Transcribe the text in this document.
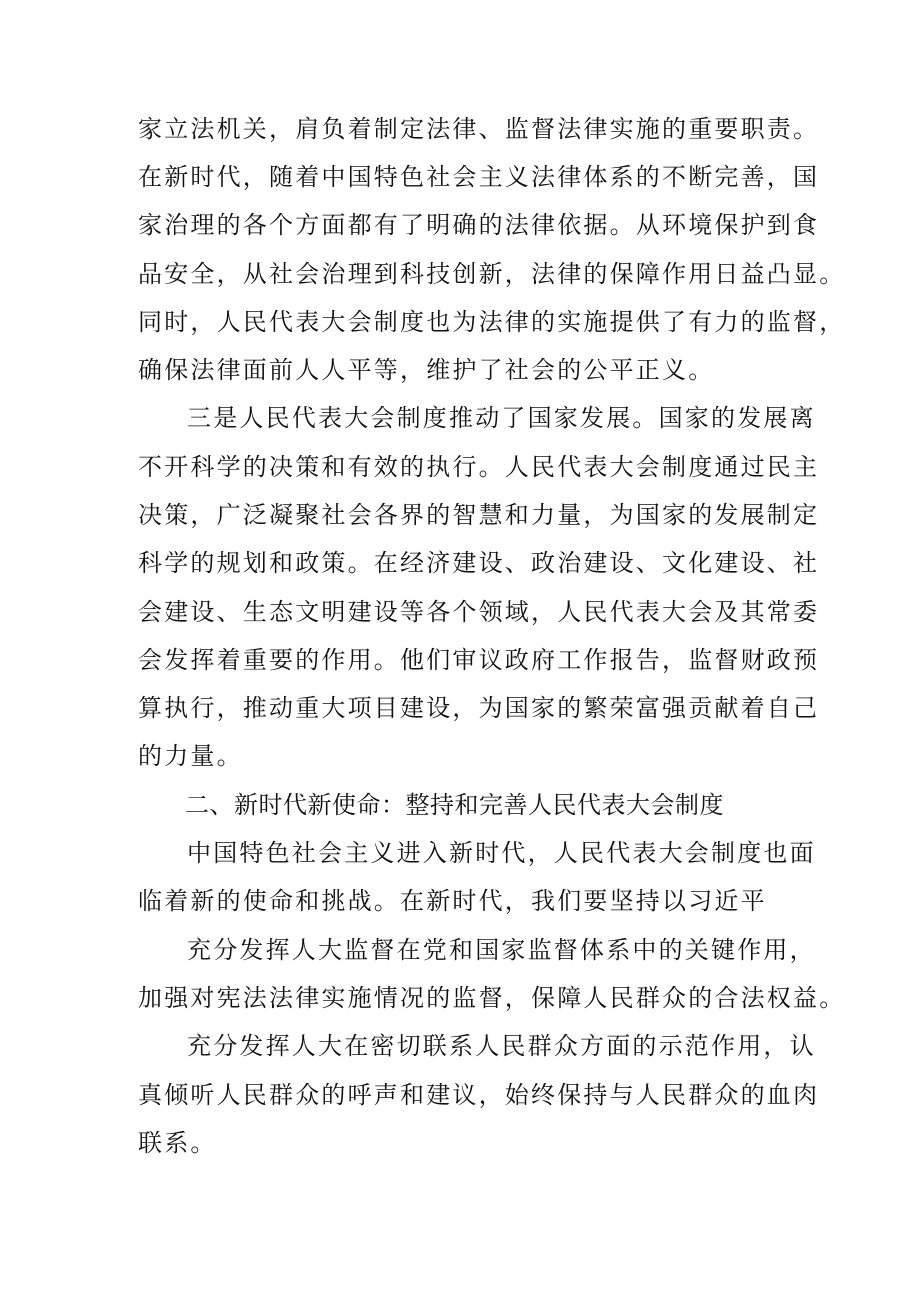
家立法机关，肩负着制定法律、监督法律实施的重要职责。
在新时代，随着中国特色社会主义法律体系的不断完善，国
家治理的各个方面都有了明确的法律依据。从环境保护到食
品安全，从社会治理到科技创新，法律的保障作用日益凸显。
同时，人民代表大会制度也为法律的实施提供了有力的监督，
确保法律面前人人平等，维护了社会的公平正义。
三是人民代表大会制度推动了国家发展。国家的发展离
不开科学的决策和有效的执行。人民代表大会制度通过民主
决策，广泛凝聚社会各界的智慧和力量，为国家的发展制定
科学的规划和政策。在经济建设、政治建设、文化建设、社
会建设、生态文明建设等各个领域，人民代表大会及其常委
会发挥着重要的作用。他们审议政府工作报告，监督财政预
算执行，推动重大项目建设，为国家的繁荣富强贡献着自己
的力量。
二、新时代新使命：整持和完善人民代表大会制度
中国特色社会主义进入新时代，人民代表大会制度也面
临着新的使命和挑战。在新时代，我们要坚持以习近平
充分发挥人大监督在党和国家监督体系中的关键作用，
加强对宪法法律实施情况的监督，保障人民群众的合法权益。
充分发挥人大在密切联系人民群众方面的示范作用，认
真倾听人民群众的呼声和建议，始终保持与人民群众的血肉
联系。
